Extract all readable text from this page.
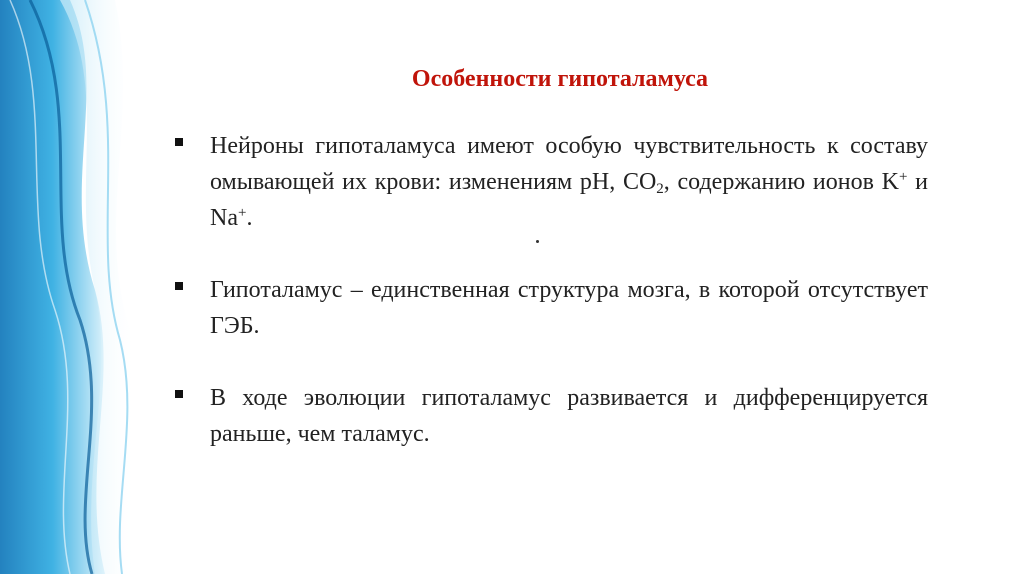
Особенности гипоталамуса
Нейроны гипоталамуса имеют особую чувствительность к составу омывающей их крови: изменениям pH, $CO_2$, содержанию ионов K+ и Na+.
Гипоталамус – единственная структура мозга, в которой отсутствует ГЭБ.
В ходе эволюции гипоталамус развивается и дифференцируется раньше, чем таламус.
